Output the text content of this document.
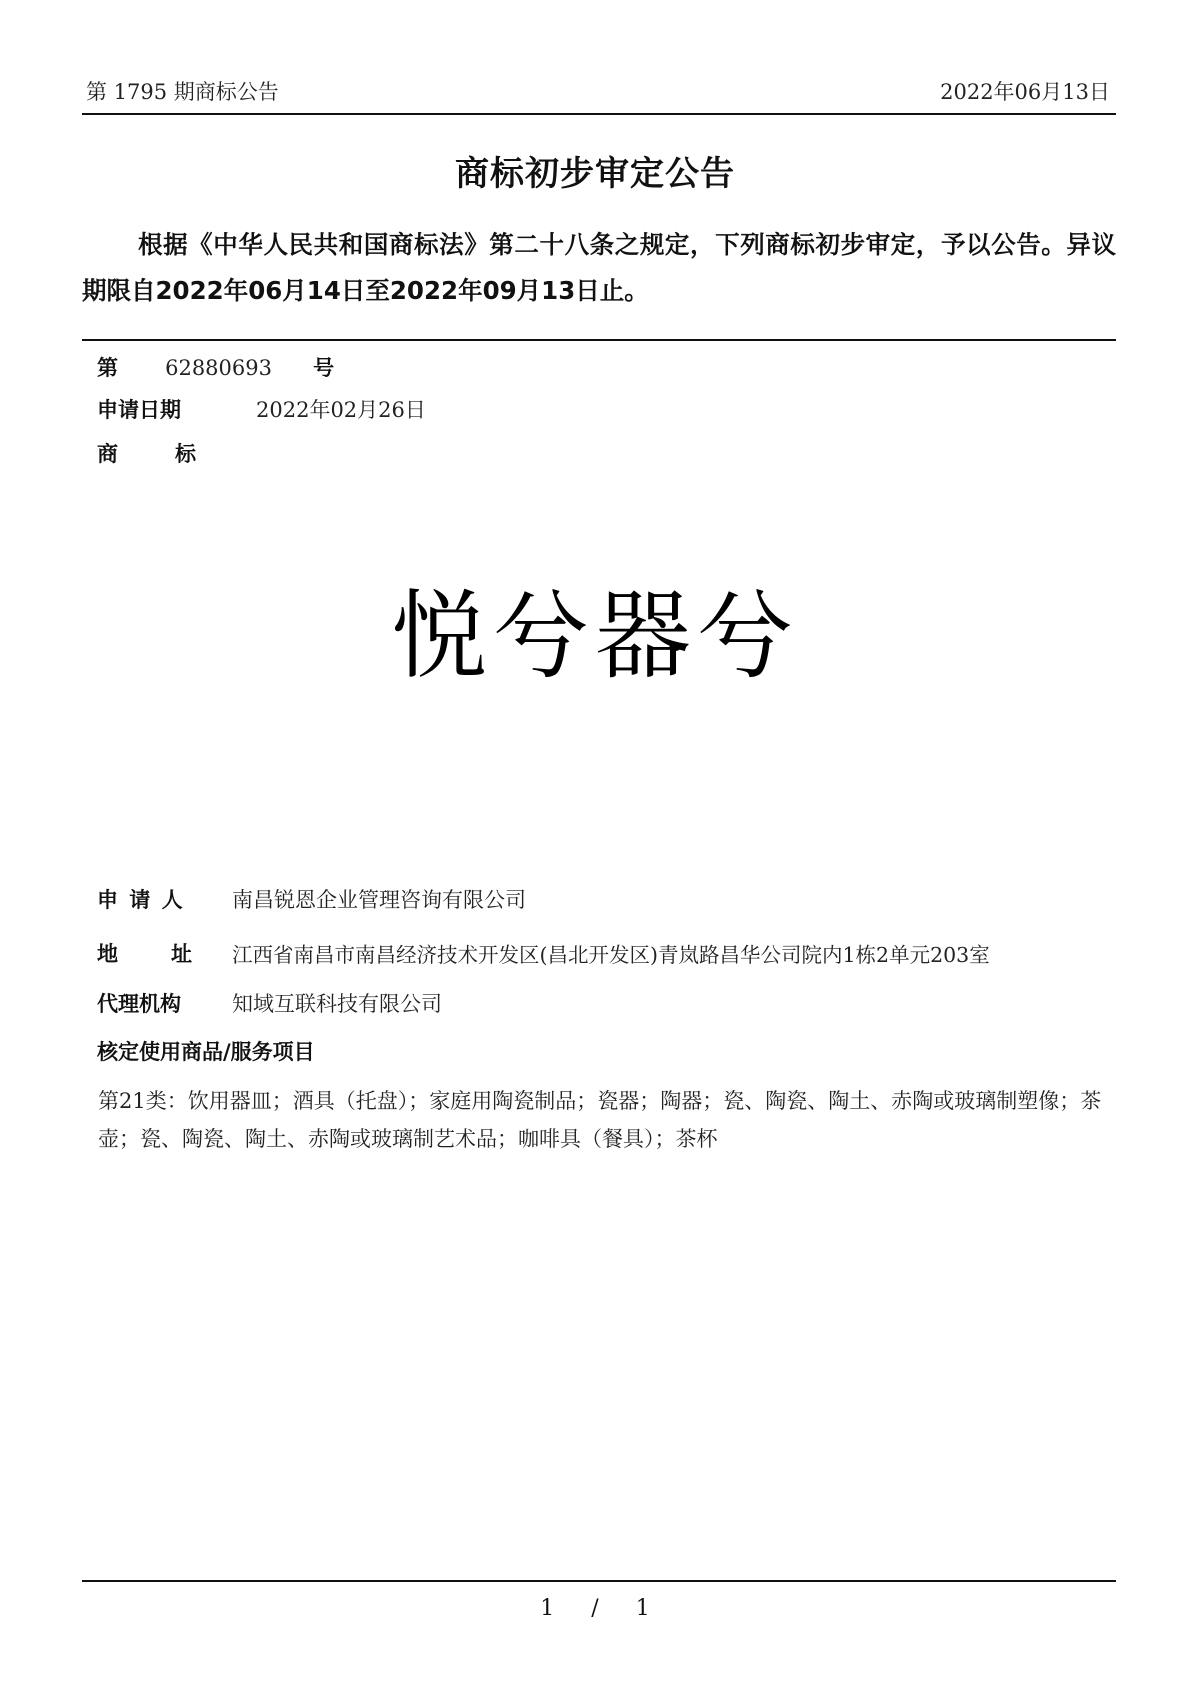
第 1795 期商标公告	2022年06月13日
商标初步审定公告
根据《中华人民共和国商标法》第二十八条之规定，下列商标初步审定，予以公告。异议期限自2022年06月14日至2022年09月13日止。
第 62880693 号
申请日期	2022年02月26日
商　标
悦兮器兮
申 请 人 南昌锐恩企业管理咨询有限公司
地　址 江西省南昌市南昌经济技术开发区(昌北开发区)青岚路昌华公司院内1栋2单元203室
代理机构 知域互联科技有限公司
核定使用商品/服务项目
第21类：饮用器皿；酒具（托盘）；家庭用陶瓷制品；瓷器；陶器；瓷、陶瓷、陶土、赤陶或玻璃制塑像；茶壶；瓷、陶瓷、陶土、赤陶或玻璃制艺术品；咖啡具（餐具）；茶杯
1 / 1
